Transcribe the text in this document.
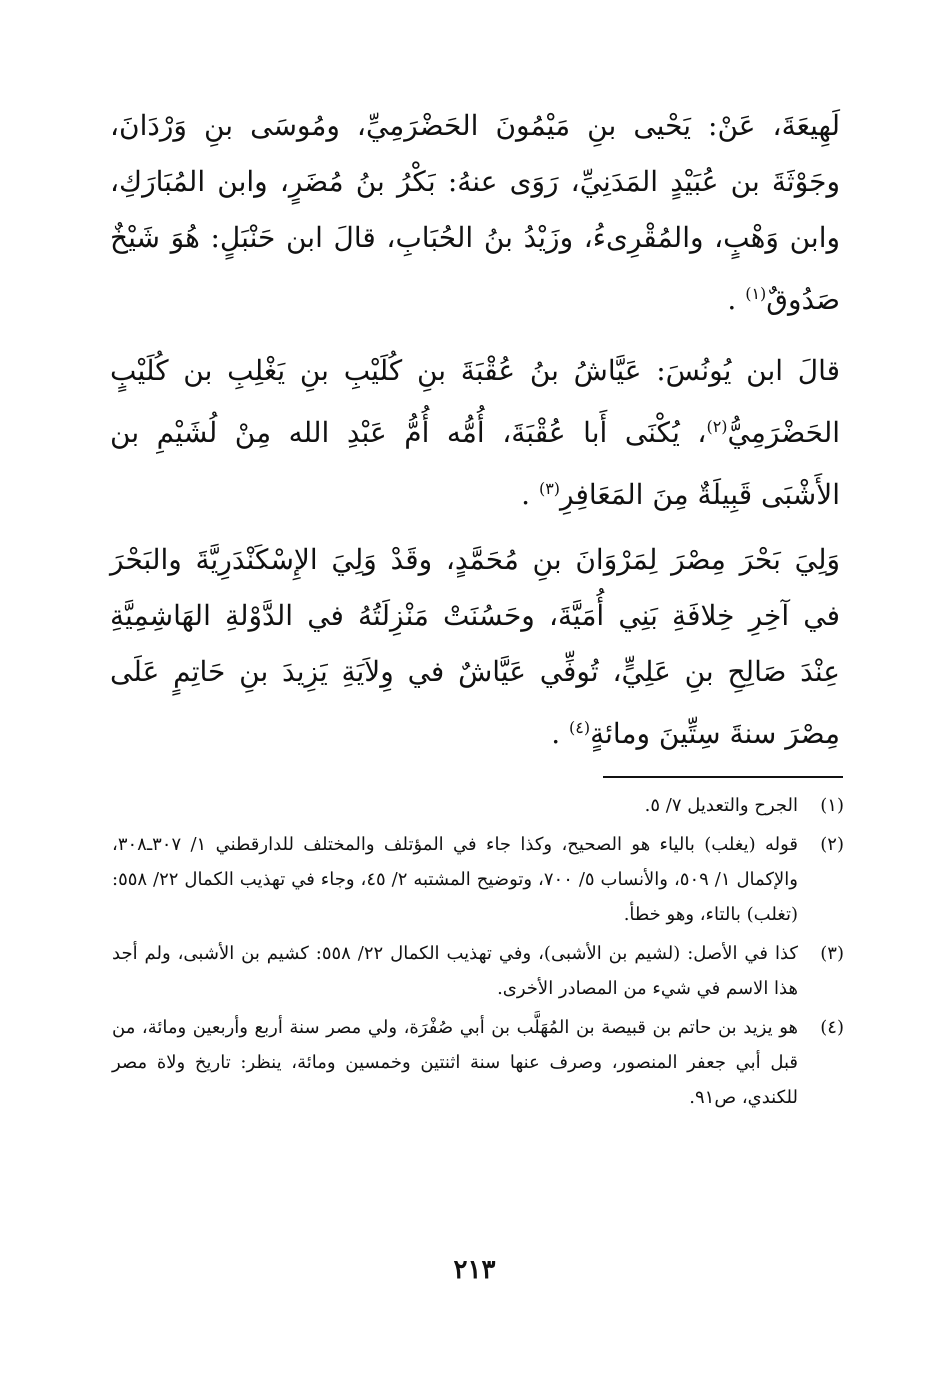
لَهِيعَةَ، عَنْ: يَحْيى بنِ مَيْمُونَ الحَضْرَمِيِّ، ومُوسَى بنِ وَرْدَانَ، وجَوْثَةَ بن عُبَيْدٍ المَدَنِيِّ، رَوَى عنهُ: بَكْرُ بنُ مُضَرٍ، وابن المُبَارَكِ، وابن وَهْبٍ، والمُقْرِىءُ، وزَيْدُ بنُ الحُبَابِ، قالَ ابن حَنْبَلٍ: هُوَ شَيْخٌ صَدُوقٌ$^{(١)}$ .

قالَ ابن يُونُسَ: عَيَّاشُ بنُ عُقْبَةَ بنِ كُلَيْبِ بنِ يَغْلِبِ بن كُلَيْبٍ الحَضْرَمِيُّ$^{(٢)}$، يُكْنَى أَبا عُقْبَةَ، أُمُّه أُمُّ عَبْدِ الله مِنْ لُشَيْمِ بن الأَشْبَى قَبِيلَةٌ مِنَ المَعَافِرِ$^{(٣)}$ .

وَلِيَ بَحْرَ مِصْرَ لِمَرْوَانَ بنِ مُحَمَّدٍ، وقَدْ وَلِيَ الإِسْكَنْدَرِيَّةَ والبَحْرَ في آخِرِ خِلافَةِ بَنِي أُمَيَّةَ، وحَسُنَتْ مَنْزِلَتُهُ في الدَّوْلةِ الهَاشِمِيَّةِ عِنْدَ صَالِحِ بنِ عَلِيٍّ، تُوفِّي عَيَّاشٌ في وِلاَيَةِ يَزِيدَ بنِ حَاتِمٍ عَلَى مِصْرَ سنةَ سِتِّينَ ومائةٍ$^{(٤)}$ .

(١)
الجرح والتعديل ٧/ ٥.
(٢)
قوله (يغلب) بالياء هو الصحيح، وكذا جاء في المؤتلف والمختلف للدارقطني ١/ ٣٠٧ـ٣٠٨، والإكمال ١/ ٥٠٩، والأنساب ٥/ ٧٠٠، وتوضيح المشتبه ٢/ ٤٥، وجاء في تهذيب الكمال ٢٢/ ٥٥٨: (تغلب) بالتاء، وهو خطأ.
(٣)
كذا في الأصل: (لشيم بن الأشبى)، وفي تهذيب الكمال ٢٢/ ٥٥٨: كشيم بن الأشبى، ولم أجد هذا الاسم في شيء من المصادر الأخرى.
(٤)
هو يزيد بن حاتم بن قبيصة بن المُهَلَّب بن أبي صُفْرَة، ولي مصر سنة أربع وأربعين ومائة، من قبل أبي جعفر المنصور، وصرف عنها سنة اثنتين وخمسين ومائة، ينظر: تاريخ ولاة مصر للكندي، ص٩١.
٢١٣
